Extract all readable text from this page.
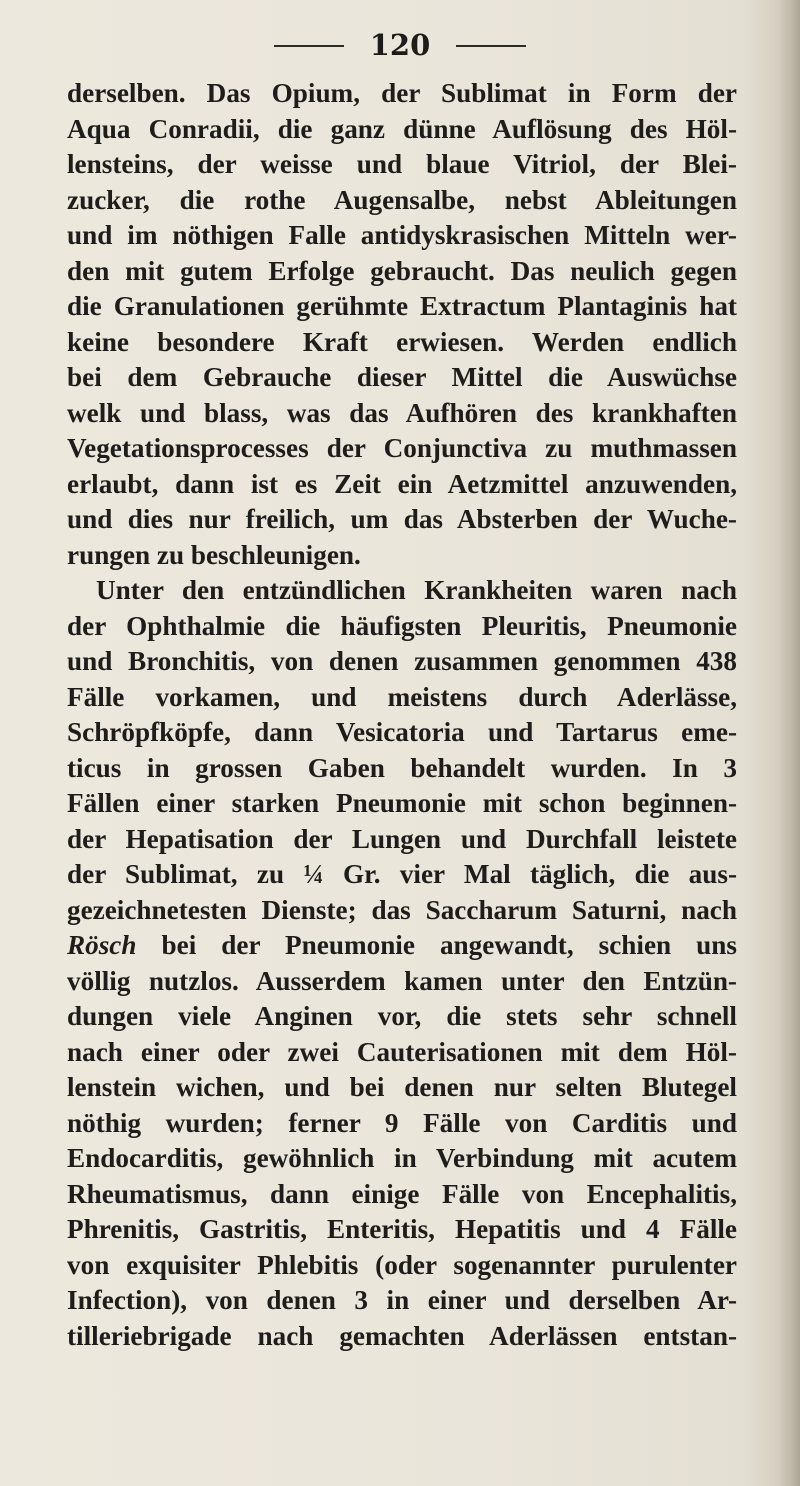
120
derselben. Das Opium, der Sublimat in Form der
Aqua Conradii, die ganz dünne Auflösung des Höl-
lensteins, der weisse und blaue Vitriol, der Blei-
zucker, die rothe Augensalbe, nebst Ableitungen
und im nöthigen Falle antidyskrasischen Mitteln wer-
den mit gutem Erfolge gebraucht. Das neulich gegen
die Granulationen gerühmte Extractum Plantaginis hat
keine besondere Kraft erwiesen. Werden endlich
bei dem Gebrauche dieser Mittel die Auswüchse
welk und blass, was das Aufhören des krankhaften
Vegetationsprocesses der Conjunctiva zu muthmassen
erlaubt, dann ist es Zeit ein Aetzmittel anzuwenden,
und dies nur freilich, um das Absterben der Wuche-
rungen zu beschleunigen.
Unter den entzündlichen Krankheiten waren nach
der Ophthalmie die häufigsten Pleuritis, Pneumonie
und Bronchitis, von denen zusammen genommen 438
Fälle vorkamen, und meistens durch Aderlässe,
Schröpfköpfe, dann Vesicatoria und Tartarus eme-
ticus in grossen Gaben behandelt wurden. In 3
Fällen einer starken Pneumonie mit schon beginnen-
der Hepatisation der Lungen und Durchfall leistete
der Sublimat, zu ¼ Gr. vier Mal täglich, die aus-
gezeichnetesten Dienste; das Saccharum Saturni, nach
Rösch bei der Pneumonie angewandt, schien uns
völlig nutzlos. Ausserdem kamen unter den Entzün-
dungen viele Anginen vor, die stets sehr schnell
nach einer oder zwei Cauterisationen mit dem Höl-
lenstein wichen, und bei denen nur selten Blutegel
nöthig wurden; ferner 9 Fälle von Carditis und
Endocarditis, gewöhnlich in Verbindung mit acutem
Rheumatismus, dann einige Fälle von Encephalitis,
Phrenitis, Gastritis, Enteritis, Hepatitis und 4 Fälle
von exquisiter Phlebitis (oder sogenannter purulenter
Infection), von denen 3 in einer und derselben Ar-
tilleriebrigade nach gemachten Aderlässen entstan-
